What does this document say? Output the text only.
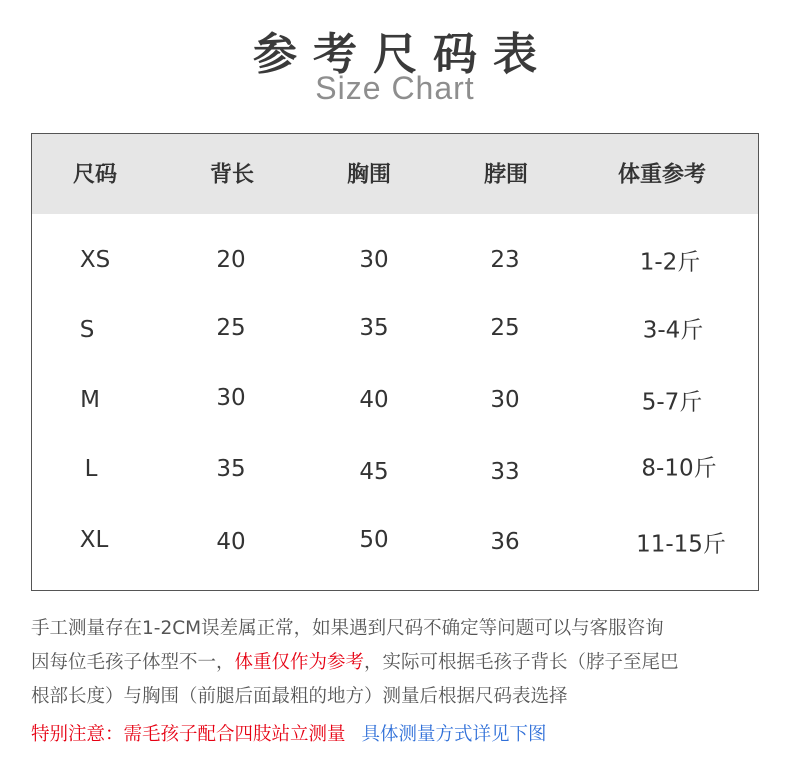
参考尺码表
Size Chart
尺码	背长	胸围	脖围	体重参考
XS	20	30	23	1-2斤
S	25	35	25	3-4斤
M	30	40	30	5-7斤
L	35	45	33	8-10斤
XL	40	50	36	11-15斤
手工测量存在1-2CM误差属正常，如果遇到尺码不确定等问题可以与客服咨询
因每位毛孩子体型不一，体重仅作为参考，实际可根据毛孩子背长（脖子至尾巴
根部长度）与胸围（前腿后面最粗的地方）测量后根据尺码表选择
特别注意：需毛孩子配合四肢站立测量 具体测量方式详见下图
